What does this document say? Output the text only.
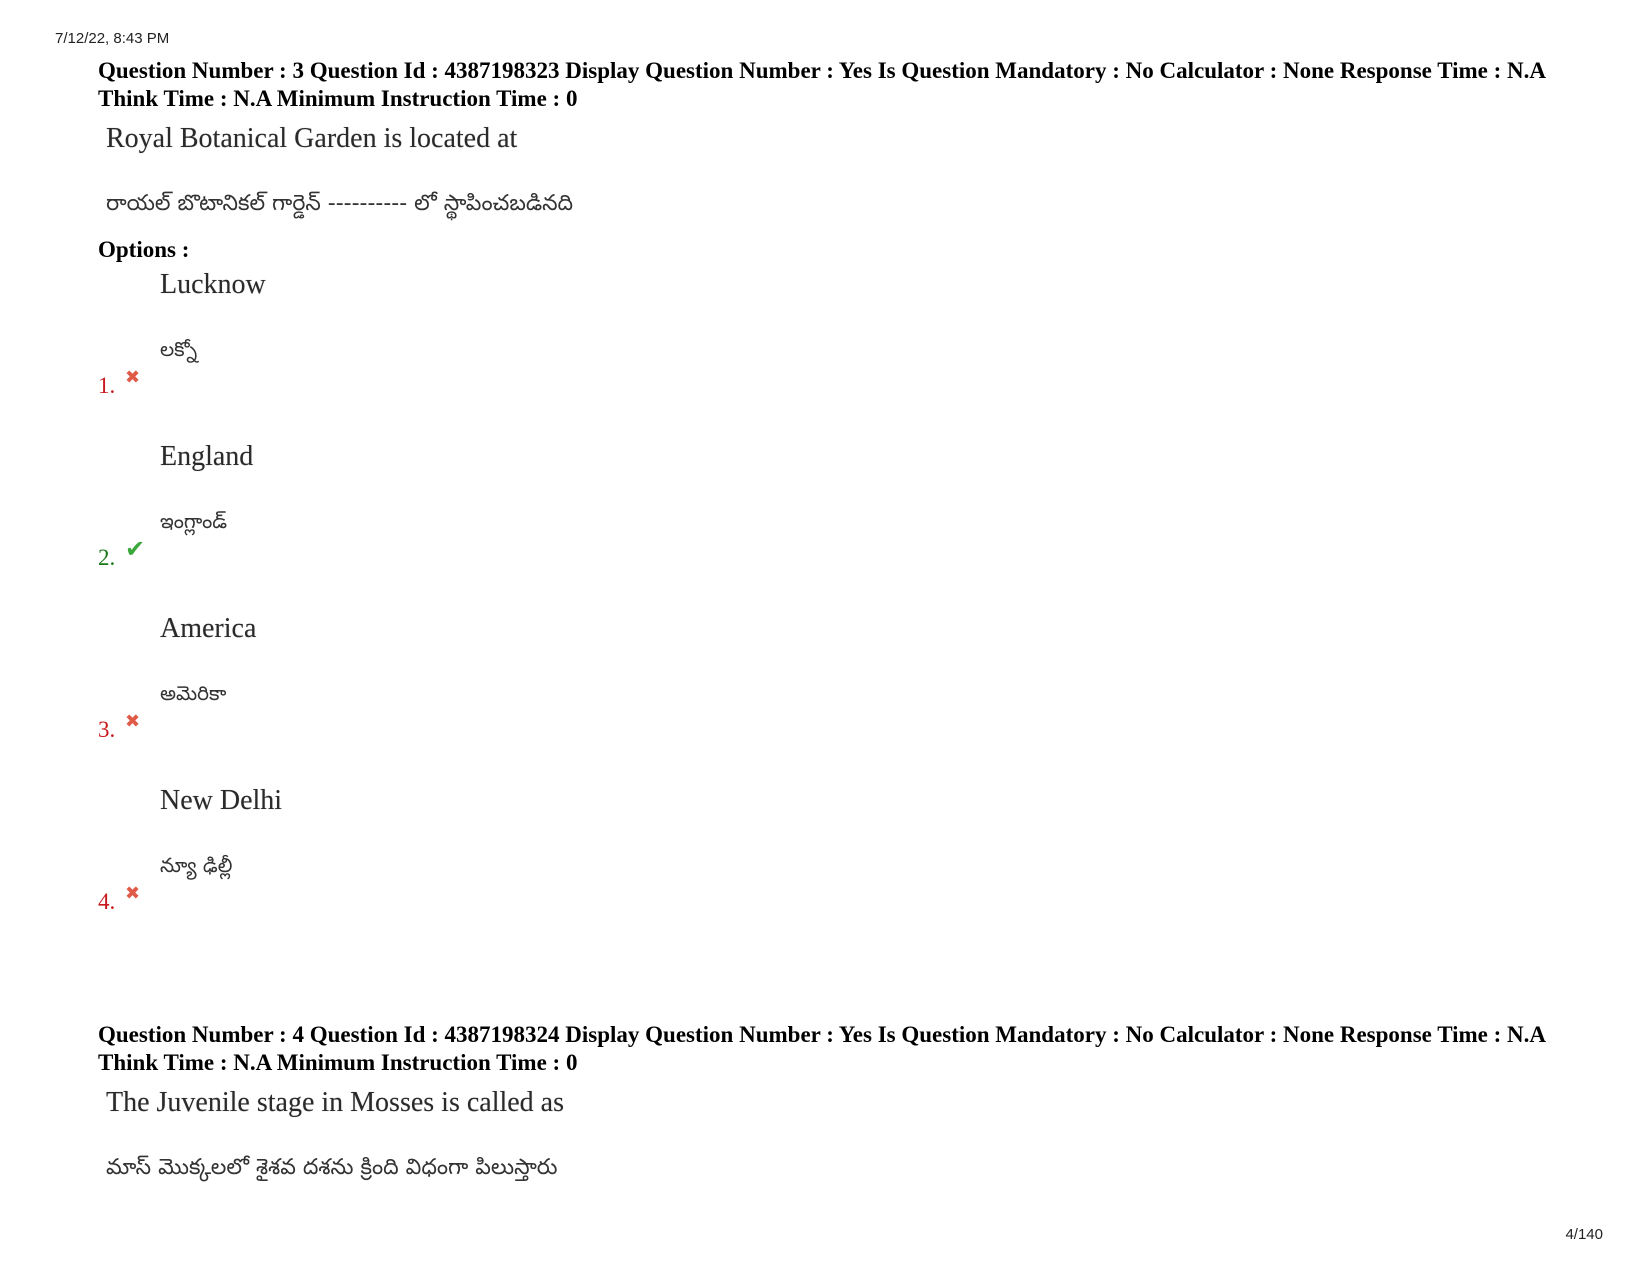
7/12/22, 8:43 PM

Question Number : 3 Question Id : 4387198323 Display Question Number : Yes Is Question Mandatory : No Calculator : None Response Time : N.A Think Time : N.A Minimum Instruction Time : 0

Royal Botanical Garden is located at

రాయల్ బొటానికల్ గార్డెన్ ---------- లో స్థాపించబడినది

Options :

Lucknow
లక్నో
1. ✖
England
ఇంగ్లాండ్
2. ✔
America
అమెరికా
3. ✖
New Delhi
న్యూ ఢిల్లీ
4. ✖

Question Number : 4 Question Id : 4387198324 Display Question Number : Yes Is Question Mandatory : No Calculator : None Response Time : N.A Think Time : N.A Minimum Instruction Time : 0

The Juvenile stage in Mosses is called as

మాస్ మొక్కలలో శైశవ దశను క్రింది విధంగా పిలుస్తారు

4/140
